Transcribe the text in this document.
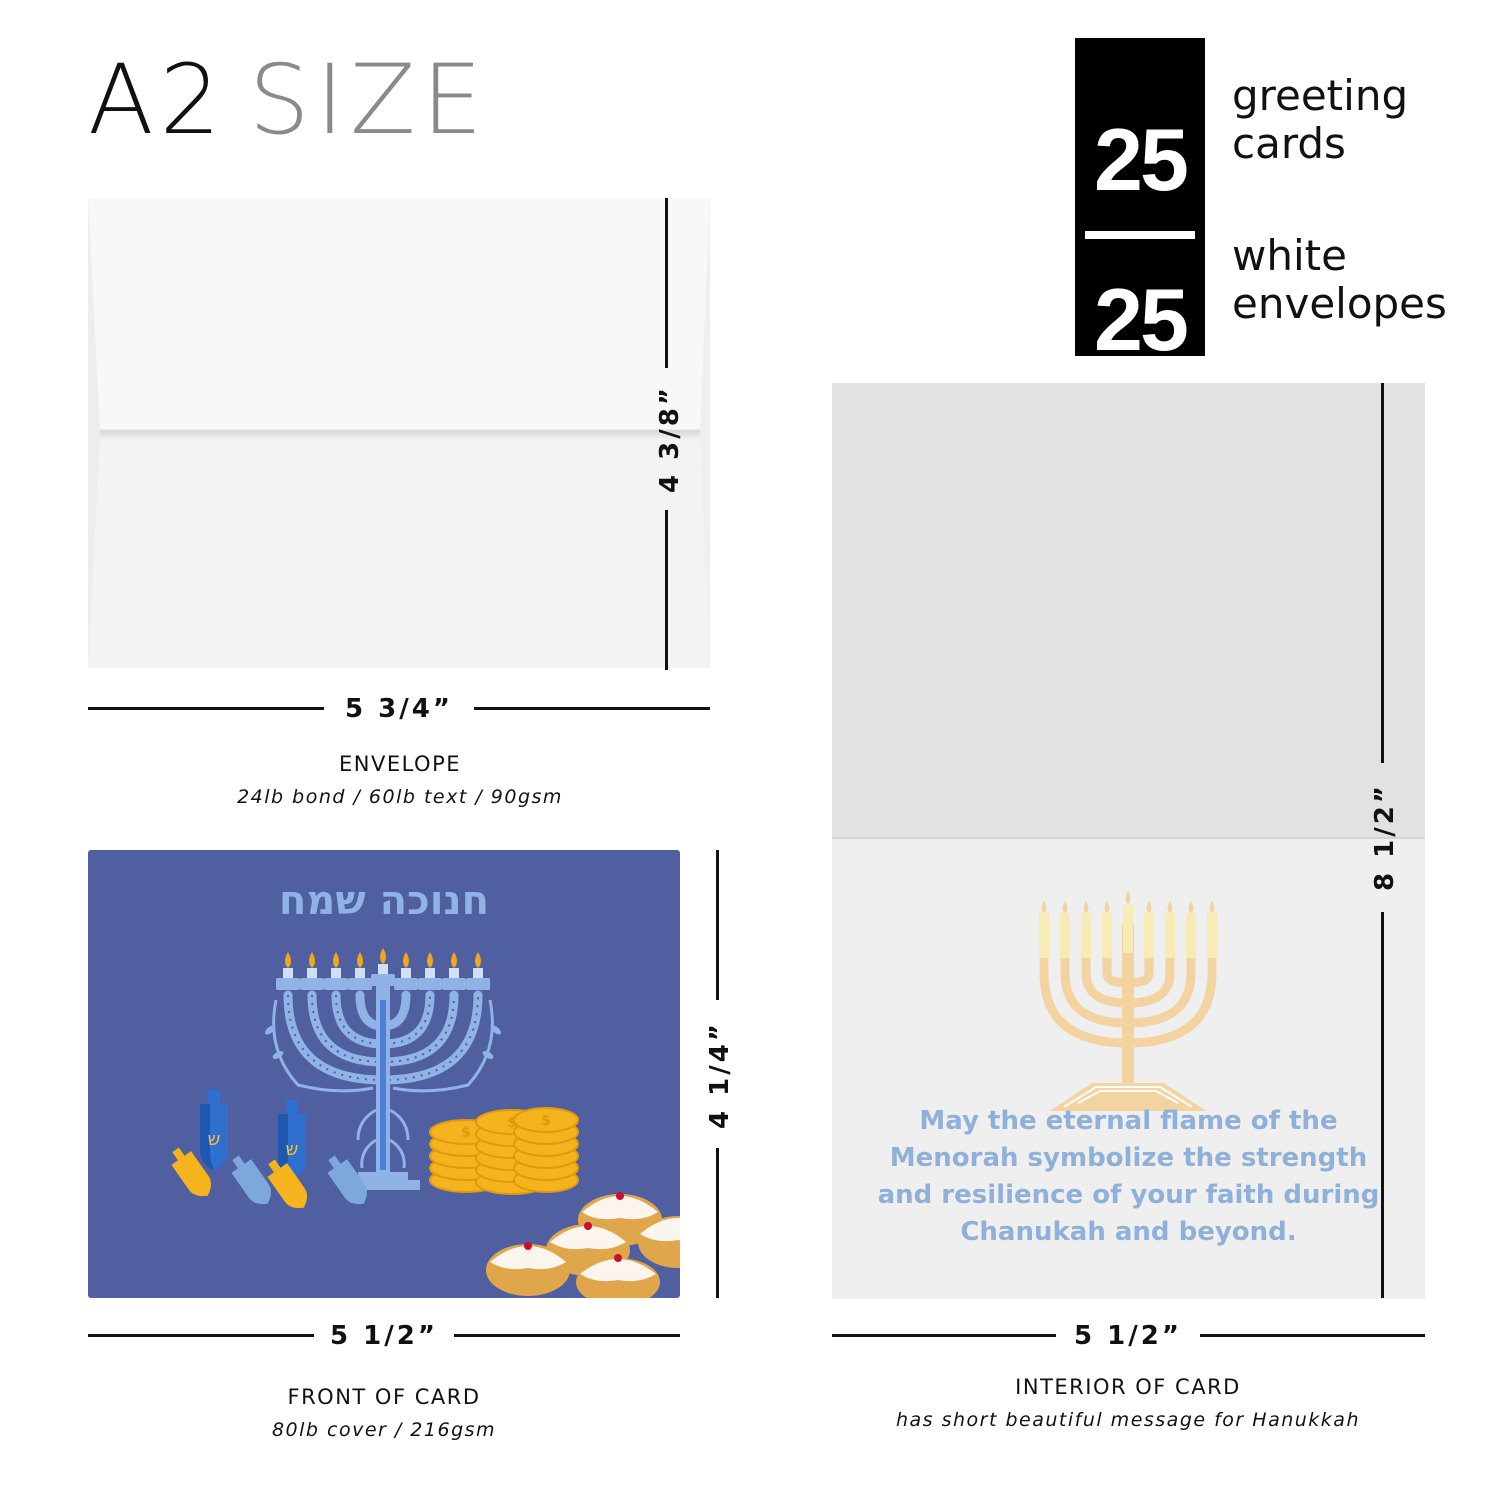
A2 SIZE
25
25
greeting
cards
white
envelopes
4 3/8”
5 3/4”
ENVELOPE
24lb bond / 60lb text / 90gsm
חנוכה שמח
ש	ש
$
$ $	4 1/4”
5 1/2”
FRONT OF CARD
80lb cover / 216gsm
May the eternal flame of the Menorah symbolize the strength and resilience of your faith during Chanukah and beyond.
8 1/2”
5 1/2”
INTERIOR OF CARD
has short beautiful message for Hanukkah
